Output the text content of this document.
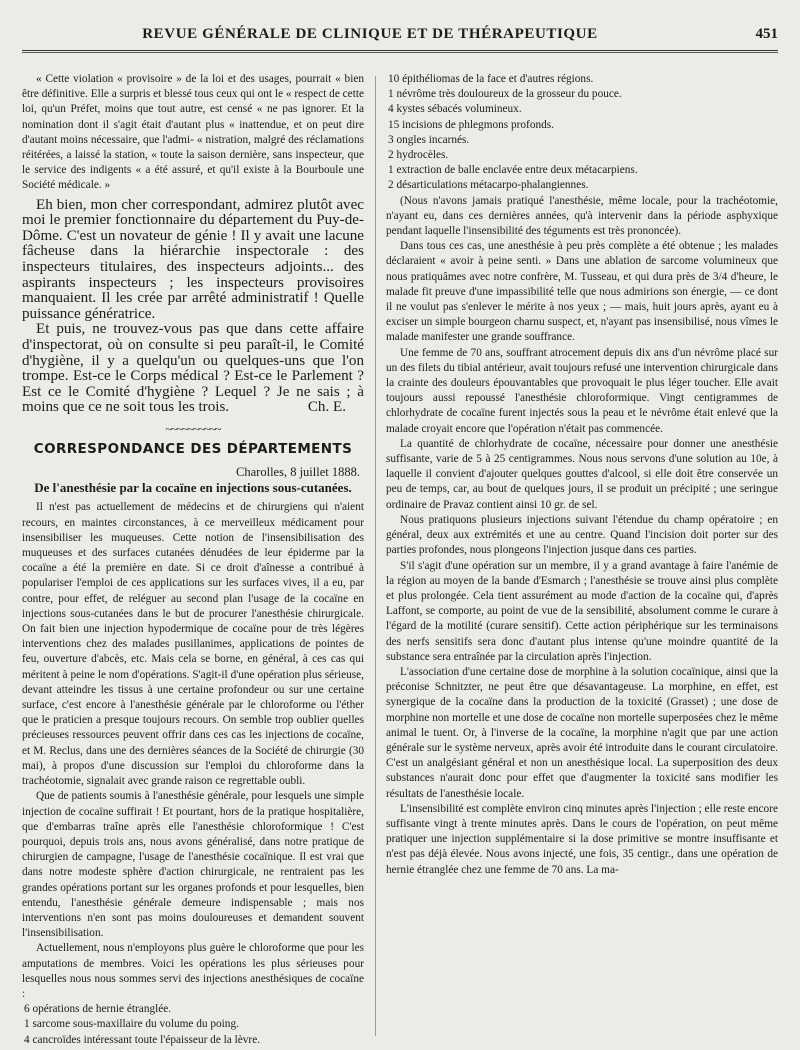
REVUE GÉNÉRALE DE CLINIQUE ET DE THÉRAPEUTIQUE	451

« Cette violation « provisoire » de la loi et des usages, pourrait « bien être définitive. Elle a surpris et blessé tous ceux qui ont le « respect de cette loi, qu'un Préfet, moins que tout autre, est censé « ne pas ignorer. Et la nomination dont il s'agit était d'autant plus « inattendue, et on peut dire d'autant moins nécessaire, que l'admi- « nistration, malgré des réclamations réitérées, a laissé la station, « toute la saison dernière, sans inspecteur, que le service des indigents « a été assuré, et qu'il existe à la Bourboule une Société médicale. »

Eh bien, mon cher correspondant, admirez plutôt avec moi le premier fonctionnaire du département du Puy-de-Dôme. C'est un novateur de génie ! Il y avait une lacune fâcheuse dans la hiérarchie inspectorale : des inspecteurs titulaires, des inspecteurs adjoints... des aspirants inspecteurs ; les inspecteurs provisoires manquaient. Il les crée par arrêté administratif ! Quelle puissance génératrice.

Et puis, ne trouvez-vous pas que dans cette affaire d'inspectorat, où on consulte si peu paraît-il, le Comité d'hygiène, il y a quelqu'un ou quelques-uns que l'on trompe. Est-ce le Corps médical ? Est-ce le Parlement ? Est ce le Comité d'hygiène ? Lequel ? Je ne sais ; à moins que ce ne soit tous les trois.	Ch. E.

~~~~~~~~~~
CORRESPONDANCE DES DÉPARTEMENTS
Charolles, 8 juillet 1888.
De l'anesthésie par la cocaïne en injections sous-cutanées.

Il n'est pas actuellement de médecins et de chirurgiens qui n'aient recours, en maintes circonstances, à ce merveilleux médicament pour insensibiliser les muqueuses. Cette notion de l'insensibilisation des muqueuses et des surfaces cutanées dénudées de leur épiderme par la cocaïne a été la première en date. Si ce droit d'aînesse a contribué à populariser l'emploi de ces applications sur les surfaces vives, il a eu, par contre, pour effet, de reléguer au second plan l'usage de la cocaïne en injections sous-cutanées dans le but de procurer l'anesthésie chirurgicale. On fait bien une injection hypodermique de cocaïne pour de très légères interventions chez des malades pusillanimes, applications de pointes de feu, ouverture d'abcès, etc. Mais cela se borne, en général, à ces cas qui méritent à peine le nom d'opérations. S'agit-il d'une opération plus sérieuse, devant atteindre les tissus à une certaine profondeur ou sur une certaine surface, c'est encore à l'anesthésie générale par le chloroforme ou l'éther que le praticien a presque toujours recours. On semble trop oublier quelles précieuses ressources peuvent offrir dans ces cas les injections de cocaïne, et M. Reclus, dans une des dernières séances de la Société de chirurgie (30 mai), à propos d'une discussion sur l'emploi du chloroforme dans la trachéotomie, signalait avec grande raison ce regrettable oubli.

Que de patients soumis à l'anesthésie générale, pour lesquels une simple injection de cocaïne suffirait ! Et pourtant, hors de la pratique hospitalière, que d'embarras traîne après elle l'anesthésie chloroformique ! C'est pourquoi, depuis trois ans, nous avons généralisé, dans notre pratique de chirurgien de campagne, l'usage de l'anesthésie cocaïnique. Il est vrai que dans notre modeste sphère d'action chirurgicale, ne rentraient pas les grandes opérations portant sur les organes profonds et pour lesquelles, bien entendu, l'anesthésie générale demeure indispensable ; mais nos interventions n'en sont pas moins douloureuses et demandent souvent l'insensibilisation.

Actuellement, nous n'employons plus guère le chloroforme que pour les amputations de membres. Voici les opérations les plus sérieuses pour lesquelles nous nous sommes servi des injections anesthésiques de cocaïne :

6 opérations de hernie étranglée.

1 sarcome sous-maxillaire du volume du poing.

4 cancroïdes intéressant toute l'épaisseur de la lèvre.

10 épithéliomas de la face et d'autres régions.

1 névrôme très douloureux de la grosseur du pouce.

4 kystes sébacés volumineux.

15 incisions de phlegmons profonds.

3 ongles incarnés.

2 hydrocèles.

1 extraction de balle enclavée entre deux métacarpiens.

2 désarticulations métacarpo-phalangiennes.

(Nous n'avons jamais pratiqué l'anesthésie, même locale, pour la trachéotomie, n'ayant eu, dans ces dernières années, qu'à intervenir dans la période asphyxique pendant laquelle l'insensibilité des téguments est très prononcée).

Dans tous ces cas, une anesthésie à peu près complète a été obtenue ; les malades déclaraient « avoir à peine senti. » Dans une ablation de sarcome volumineux que nous pratiquâmes avec notre confrère, M. Tusseau, et qui dura près de 3/4 d'heure, le malade fit preuve d'une impassibilité telle que nous admirions son énergie, — ce dont il ne voulut pas s'enlever le mérite à nos yeux ; — mais, huit jours après, ayant eu à exciser un simple bourgeon charnu suspect, et, n'ayant pas insensibilisé, nous vîmes le malade manifester une grande souffrance.

Une femme de 70 ans, souffrant atrocement depuis dix ans d'un névrôme placé sur un des filets du tibial antérieur, avait toujours refusé une intervention chirurgicale dans la crainte des douleurs épouvantables que provoquait le plus léger toucher. Elle avait toujours aussi repoussé l'anesthésie chloroformique. Vingt centigrammes de chlorhydrate de cocaïne furent injectés sous la peau et le névrôme était enlevé que la malade croyait encore que l'opération n'était pas commencée.

La quantité de chlorhydrate de cocaïne, nécessaire pour donner une anesthésie suffisante, varie de 5 à 25 centigrammes. Nous nous servons d'une solution au 10e, à laquelle il convient d'ajouter quelques gouttes d'alcool, si elle doit être conservée un peu de temps, car, au bout de quelques jours, il se produit un précipité ; une seringue ordinaire de Pravaz contient ainsi 10 gr. de sel.

Nous pratiquons plusieurs injections suivant l'étendue du champ opératoire ; en général, deux aux extrémités et une au centre. Quand l'incision doit porter sur des parties profondes, nous plongeons l'injection jusque dans ces parties.

S'il s'agit d'une opération sur un membre, il y a grand avantage à faire l'anémie de la région au moyen de la bande d'Esmarch ; l'anesthésie se trouve ainsi plus complète et plus prolongée. Cela tient assurément au mode d'action de la cocaïne qui, d'après Laffont, se comporte, au point de vue de la sensibilité, absolument comme le curare à l'égard de la motilité (curare sensitif). Cette action périphérique sur les terminaisons des nerfs sensitifs sera donc d'autant plus intense qu'une moindre quantité de la substance sera entraînée par la circulation après l'injection.

L'association d'une certaine dose de morphine à la solution cocaïnique, ainsi que la préconise Schnitzter, ne peut être que désavantageuse. La morphine, en effet, est synergique de la cocaïne dans la production de la toxicité (Grasset) ; une dose de morphine non mortelle et une dose de cocaïne non mortelle superposées chez le même animal le tuent. Or, à l'inverse de la cocaïne, la morphine n'agit que par une action générale sur le système nerveux, après avoir été introduite dans le courant circulatoire. C'est un analgésiant général et non un anesthésique local. La superposition des deux substances n'aurait donc pour effet que d'augmenter la toxicité sans modifier les résultats de l'anesthésie locale.

L'insensibilité est complète environ cinq minutes après l'injection ; elle reste encore suffisante vingt à trente minutes après. Dans le cours de l'opération, on peut même pratiquer une injection supplémentaire si la dose primitive se montre insuffisante et n'est pas déjà élevée. Nous avons injecté, une fois, 35 centigr., dans une opération de hernie étranglée chez une femme de 70 ans. La ma-
